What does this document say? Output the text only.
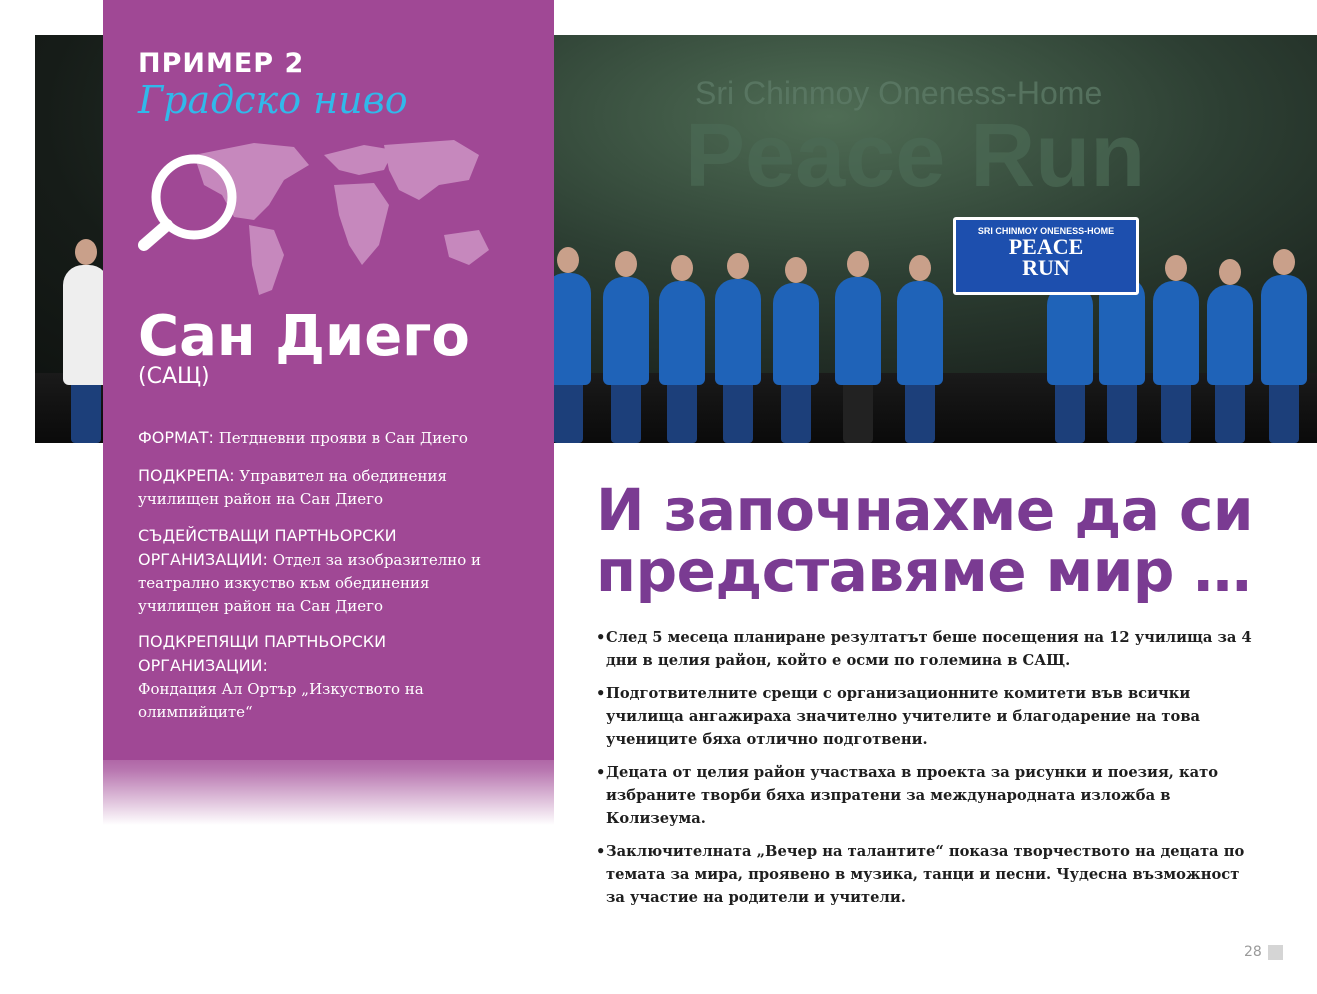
Sri Chinmoy Oneness-Home
Peace Run
SRI CHINMOY ONENESS-HOME
PEACE
RUN
ПРИМЕР 2
Градско ниво
Сан Диего
(САЩ)
ФОРМАТ: Петдневни прояви в Сан Диего
ПОДКРЕПА: Управител на обединения училищен район на Сан Диего
СЪДЕЙСТВАЩИ ПАРТНЬОРСКИ ОРГАНИЗАЦИИ: Отдел за изобразително и театрално изкуство към обединения училищен район на Сан Диего
ПОДКРЕПЯЩИ ПАРТНЬОРСКИ ОРГАНИЗАЦИИ:
Фондация Ал Ортър „Изкуството на олимпийците“
И започнахме да си представяме мир …
• След 5 месеца планиране резултатът беше посещения на 12 училища за 4 дни в целия район, който е осми по големина в САЩ.
• Подготвителните срещи с организационните комитети във всички училища ангажираха значително учителите и благодарение на това учениците бяха отлично подготвени.
• Децата от целия район участваха в проекта за рисунки и поезия, като избраните творби бяха изпратени за международната изложба в Колизеума.
• Заключителната „Вечер на талантите“ показа творчеството на децата по темата за мира, проявено в музика, танци и песни. Чудесна възможност за участие на родители и учители.
28
